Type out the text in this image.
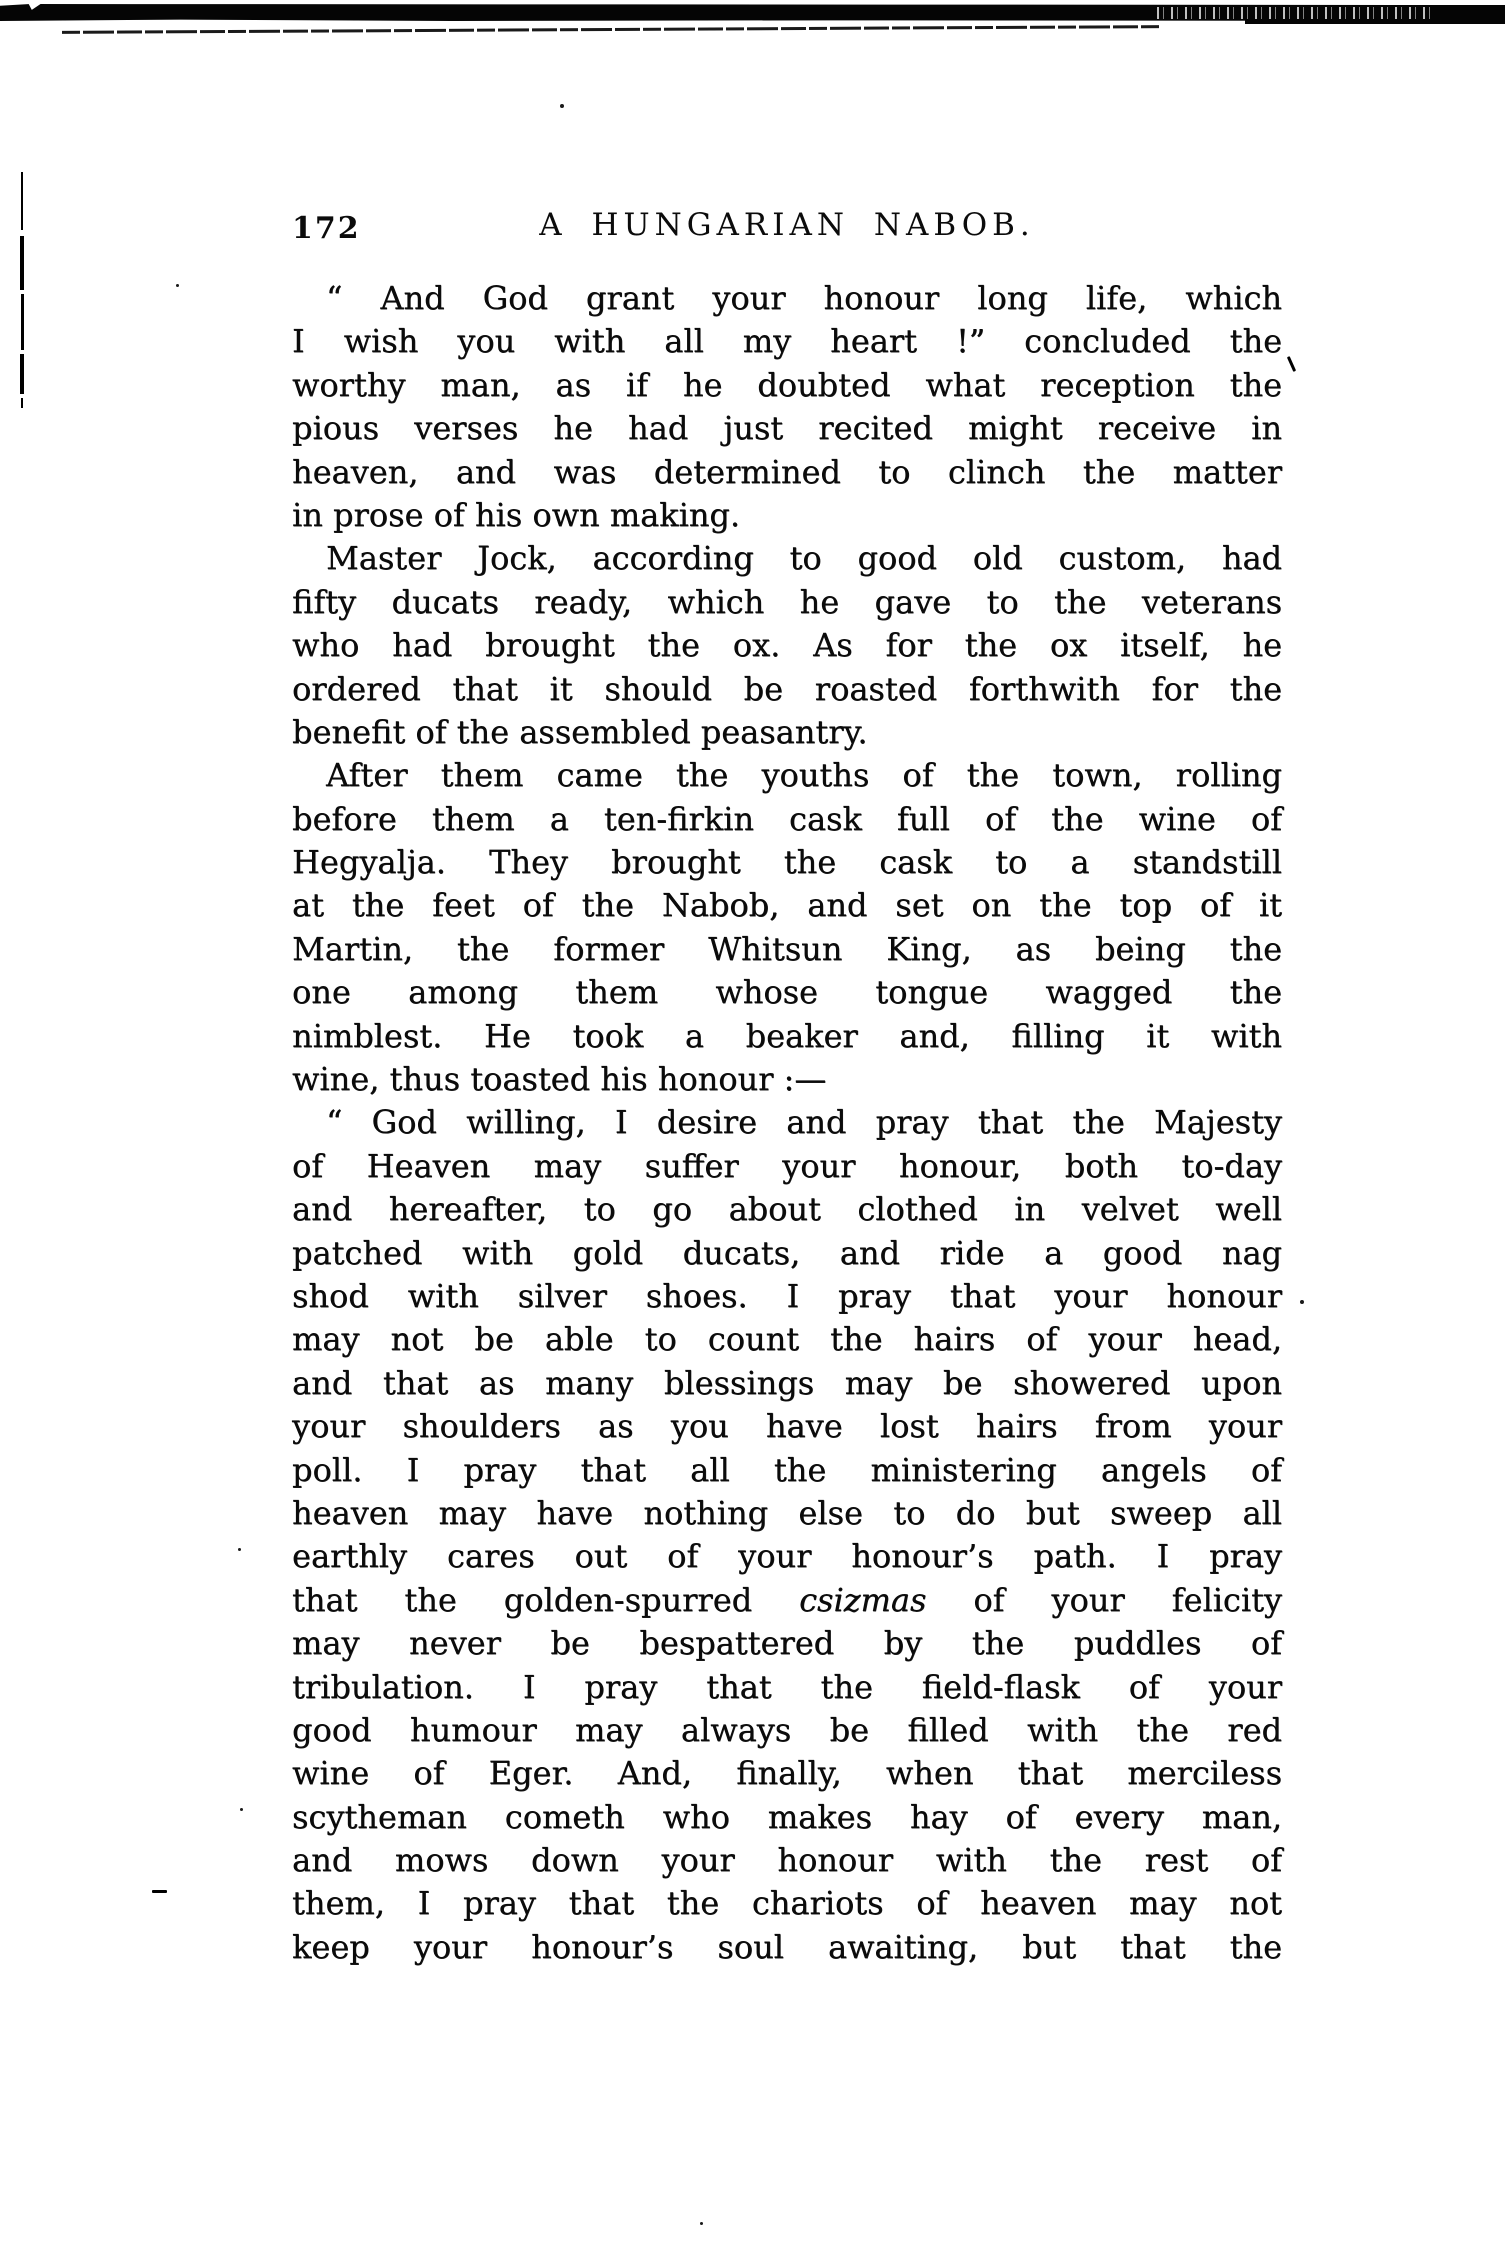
172	A HUNGARIAN NABOB.
“ And God grant your honour long life, which
I wish you with all my heart !” concluded the
worthy man, as if he doubted what reception the
pious verses he had just recited might receive in
heaven, and was determined to clinch the matter
in prose of his own making.
Master Jock, according to good old custom, had
fifty ducats ready, which he gave to the veterans
who had brought the ox. As for the ox itself, he
ordered that it should be roasted forthwith for the
benefit of the assembled peasantry.
After them came the youths of the town, rolling
before them a ten-firkin cask full of the wine of
Hegyalja. They brought the cask to a standstill
at the feet of the Nabob, and set on the top of it
Martin, the former Whitsun King, as being the
one among them whose tongue wagged the
nimblest. He took a beaker and, filling it with
wine, thus toasted his honour :—
“ God willing, I desire and pray that the Majesty
of Heaven may suffer your honour, both to-day
and hereafter, to go about clothed in velvet well
patched with gold ducats, and ride a good nag
shod with silver shoes. I pray that your honour
may not be able to count the hairs of your head,
and that as many blessings may be showered upon
your shoulders as you have lost hairs from your
poll. I pray that all the ministering angels of
heaven may have nothing else to do but sweep all
earthly cares out of your honour’s path. I pray
that the golden-spurred csizmas of your felicity
may never be bespattered by the puddles of
tribulation. I pray that the field-flask of your
good humour may always be filled with the red
wine of Eger. And, finally, when that merciless
scytheman cometh who makes hay of every man,
and mows down your honour with the rest of
them, I pray that the chariots of heaven may not
keep your honour’s soul awaiting, but that the
